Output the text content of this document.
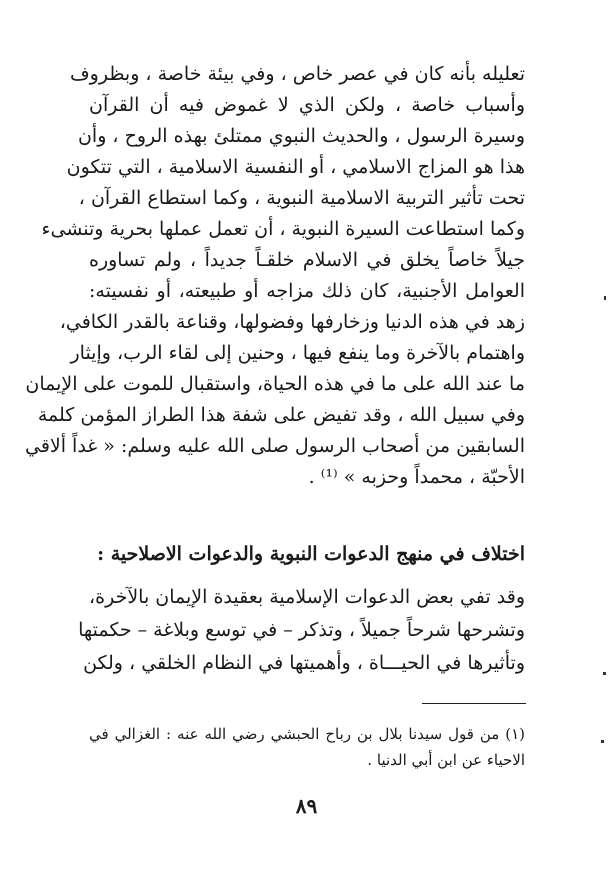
تعليله بأنه كان في عصر خاص ، وفي بيئة خاصة ، وبظروف
وأسباب خاصة ، ولكن الذي لا غموض فيه أن القرآن
وسيرة الرسول ، والحديث النبوي ممتلئ بهذه الروح ، وأن
هذا هو المزاج الاسلامي ، أو النفسية الاسلامية ، التي تتكون
تحت تأثير التربية الاسلامية النبوية ، وكما استطاع القرآن ،
وكما استطاعت السيرة النبوية ، أن تعمل عملها بحرية وتنشىء
جيلاً خاصاً يخلق في الاسلام خلقـاً جديداً ، ولم تساوره
العوامل الأجنبية، كان ذلك مزاجه أو طبيعته، أو نفسيته:
زهد في هذه الدنيا وزخارفها وفضولها، وقناعة بالقدر الكافي،
واهتمام بالآخرة وما ينفع فيها ، وحنين إلى لقاء الرب، وإيثار
ما عند الله على ما في هذه الحياة، واستقبال للموت على الإيمان
وفي سبيل الله ، وقد تفيض على شفة هذا الطراز المؤمن كلمة
السابقين من أصحاب الرسول صلى الله عليه وسلم: « غداً ألاقي
الأحبّة ، محمداً وحزبه » ⁽¹⁾ .
اختلاف في منهج الدعوات النبوية والدعوات الاصلاحية :
وقد تفي بعض الدعوات الإسلامية بعقيدة الإيمان بالآخرة،
وتشرحها شرحاً جميلاً ، وتذكر – في توسع وبلاغة – حكمتها
وتأثيرها في الحيـــاة ، وأهميتها في النظام الخلقي ، ولكن
(١) من قول سيدنا بلال بن رباح الحبشي رضي الله عنه : الغزالي في
الاحياء عن ابن أبي الدنيا .
٨٩
